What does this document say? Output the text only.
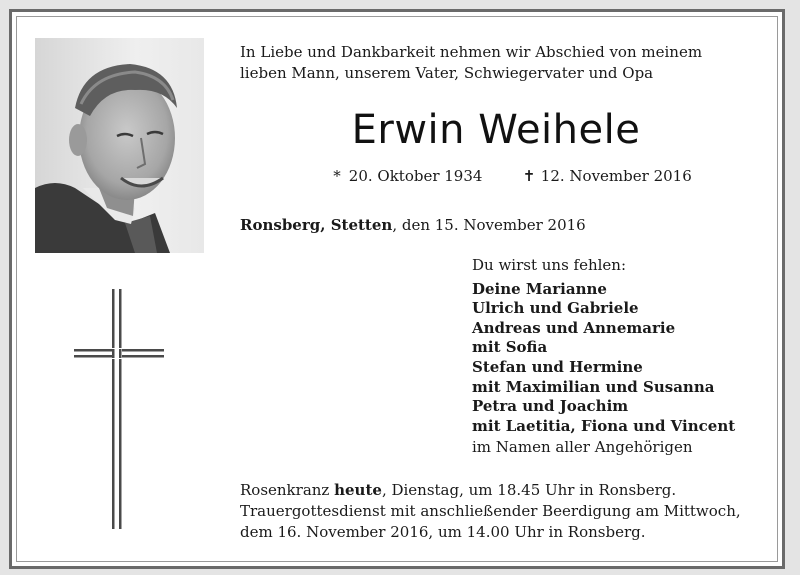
In Liebe und Dankbarkeit nehmen wir Abschied von meinem
lieben Mann, unserem Vater, Schwiegervater und Opa
Erwin Weihele
* 20. Oktober 1934	✝ 12. November 2016
Ronsberg, Stetten, den 15. November 2016
Du wirst uns fehlen:
Deine Marianne
Ulrich und Gabriele
Andreas und Annemarie
mit Sofia
Stefan und Hermine
mit Maximilian und Susanna
Petra und Joachim
mit Laetitia, Fiona und Vincent
im Namen aller Angehörigen
Rosenkranz heute, Dienstag, um 18.45 Uhr in Ronsberg.
Trauergottesdienst mit anschließender Beerdigung am Mittwoch,
dem 16. November 2016, um 14.00 Uhr in Ronsberg.
